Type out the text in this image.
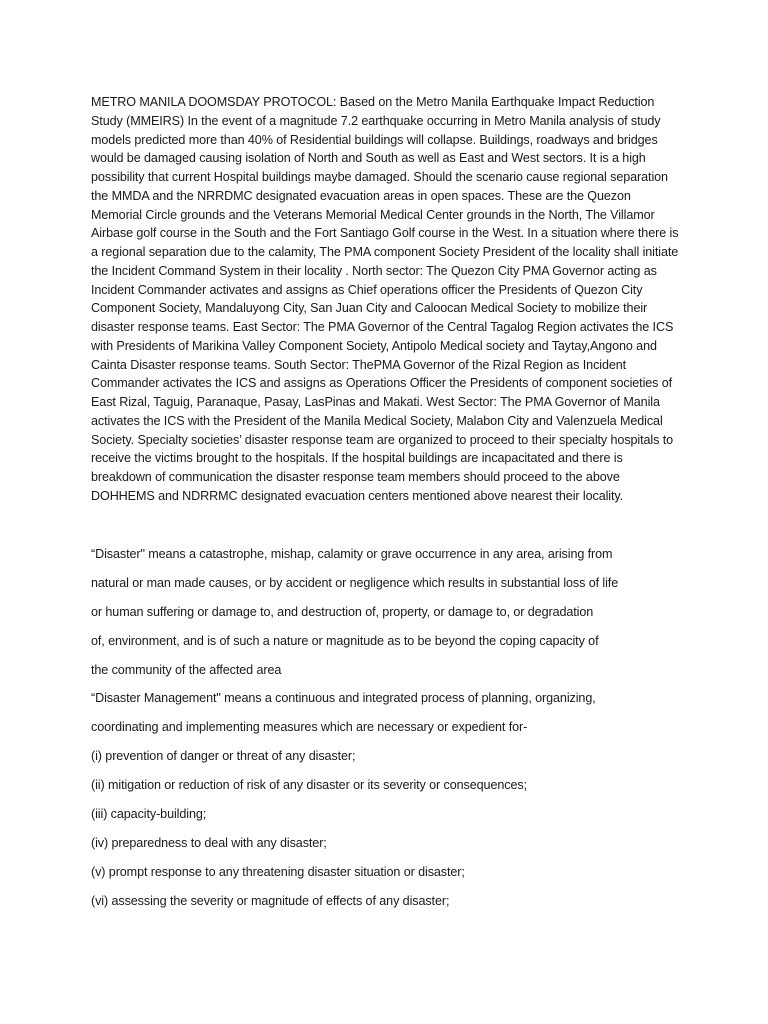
METRO MANILA DOOMSDAY PROTOCOL: Based on the Metro Manila Earthquake Impact Reduction Study (MMEIRS) In the event of a magnitude 7.2 earthquake occurring in Metro Manila analysis of study models predicted more than 40% of Residential buildings will collapse. Buildings, roadways and bridges would be damaged causing isolation of North and South as well as East and West sectors. It is a high possibility that current Hospital buildings maybe damaged. Should the scenario cause regional separation the MMDA and the NRRDMC designated evacuation areas in open spaces. These are the Quezon Memorial Circle grounds and the Veterans Memorial Medical Center grounds in the North, The Villamor Airbase golf course in the South and the Fort Santiago Golf course in the West. In a situation where there is a regional separation due to the calamity, The PMA component Society President of the locality shall initiate the Incident Command System in their locality . North sector: The Quezon City PMA Governor acting as Incident Commander activates and assigns as Chief operations officer the Presidents of Quezon City Component Society, Mandaluyong City, San Juan City and Caloocan Medical Society to mobilize their disaster response teams. East Sector: The PMA Governor of the Central Tagalog Region activates the ICS with Presidents of Marikina Valley Component Society, Antipolo Medical society and Taytay,Angono and Cainta Disaster response teams. South Sector: ThePMA Governor of the Rizal Region as Incident Commander activates the ICS and assigns as Operations Officer the Presidents of component societies of East Rizal, Taguig, Paranaque, Pasay, LasPinas and Makati. West Sector: The PMA Governor of Manila activates the ICS with the President of the Manila Medical Society, Malabon City and Valenzuela Medical Society. Specialty societies’ disaster response team are organized to proceed to their specialty hospitals to receive the victims brought to the hospitals. If the hospital buildings are incapacitated and there is breakdown of communication the disaster response team members should proceed to the above DOHHEMS and NDRRMC designated evacuation centers mentioned above nearest their locality.

“Disaster" means a catastrophe, mishap, calamity or grave occurrence in any area, arising from
natural or man made causes, or by accident or negligence which results in substantial loss of life
or human suffering or damage to, and destruction of, property, or damage to, or degradation
of, environment, and is of such a nature or magnitude as to be beyond the coping capacity of
the community of the affected area
“Disaster Management" means a continuous and integrated process of planning, organizing,
coordinating and implementing measures which are necessary or expedient for-
(i) prevention of danger or threat of any disaster;
(ii) mitigation or reduction of risk of any disaster or its severity or consequences;
(iii) capacity-building;
(iv) preparedness to deal with any disaster;
(v) prompt response to any threatening disaster situation or disaster;
(vi) assessing the severity or magnitude of effects of any disaster;
